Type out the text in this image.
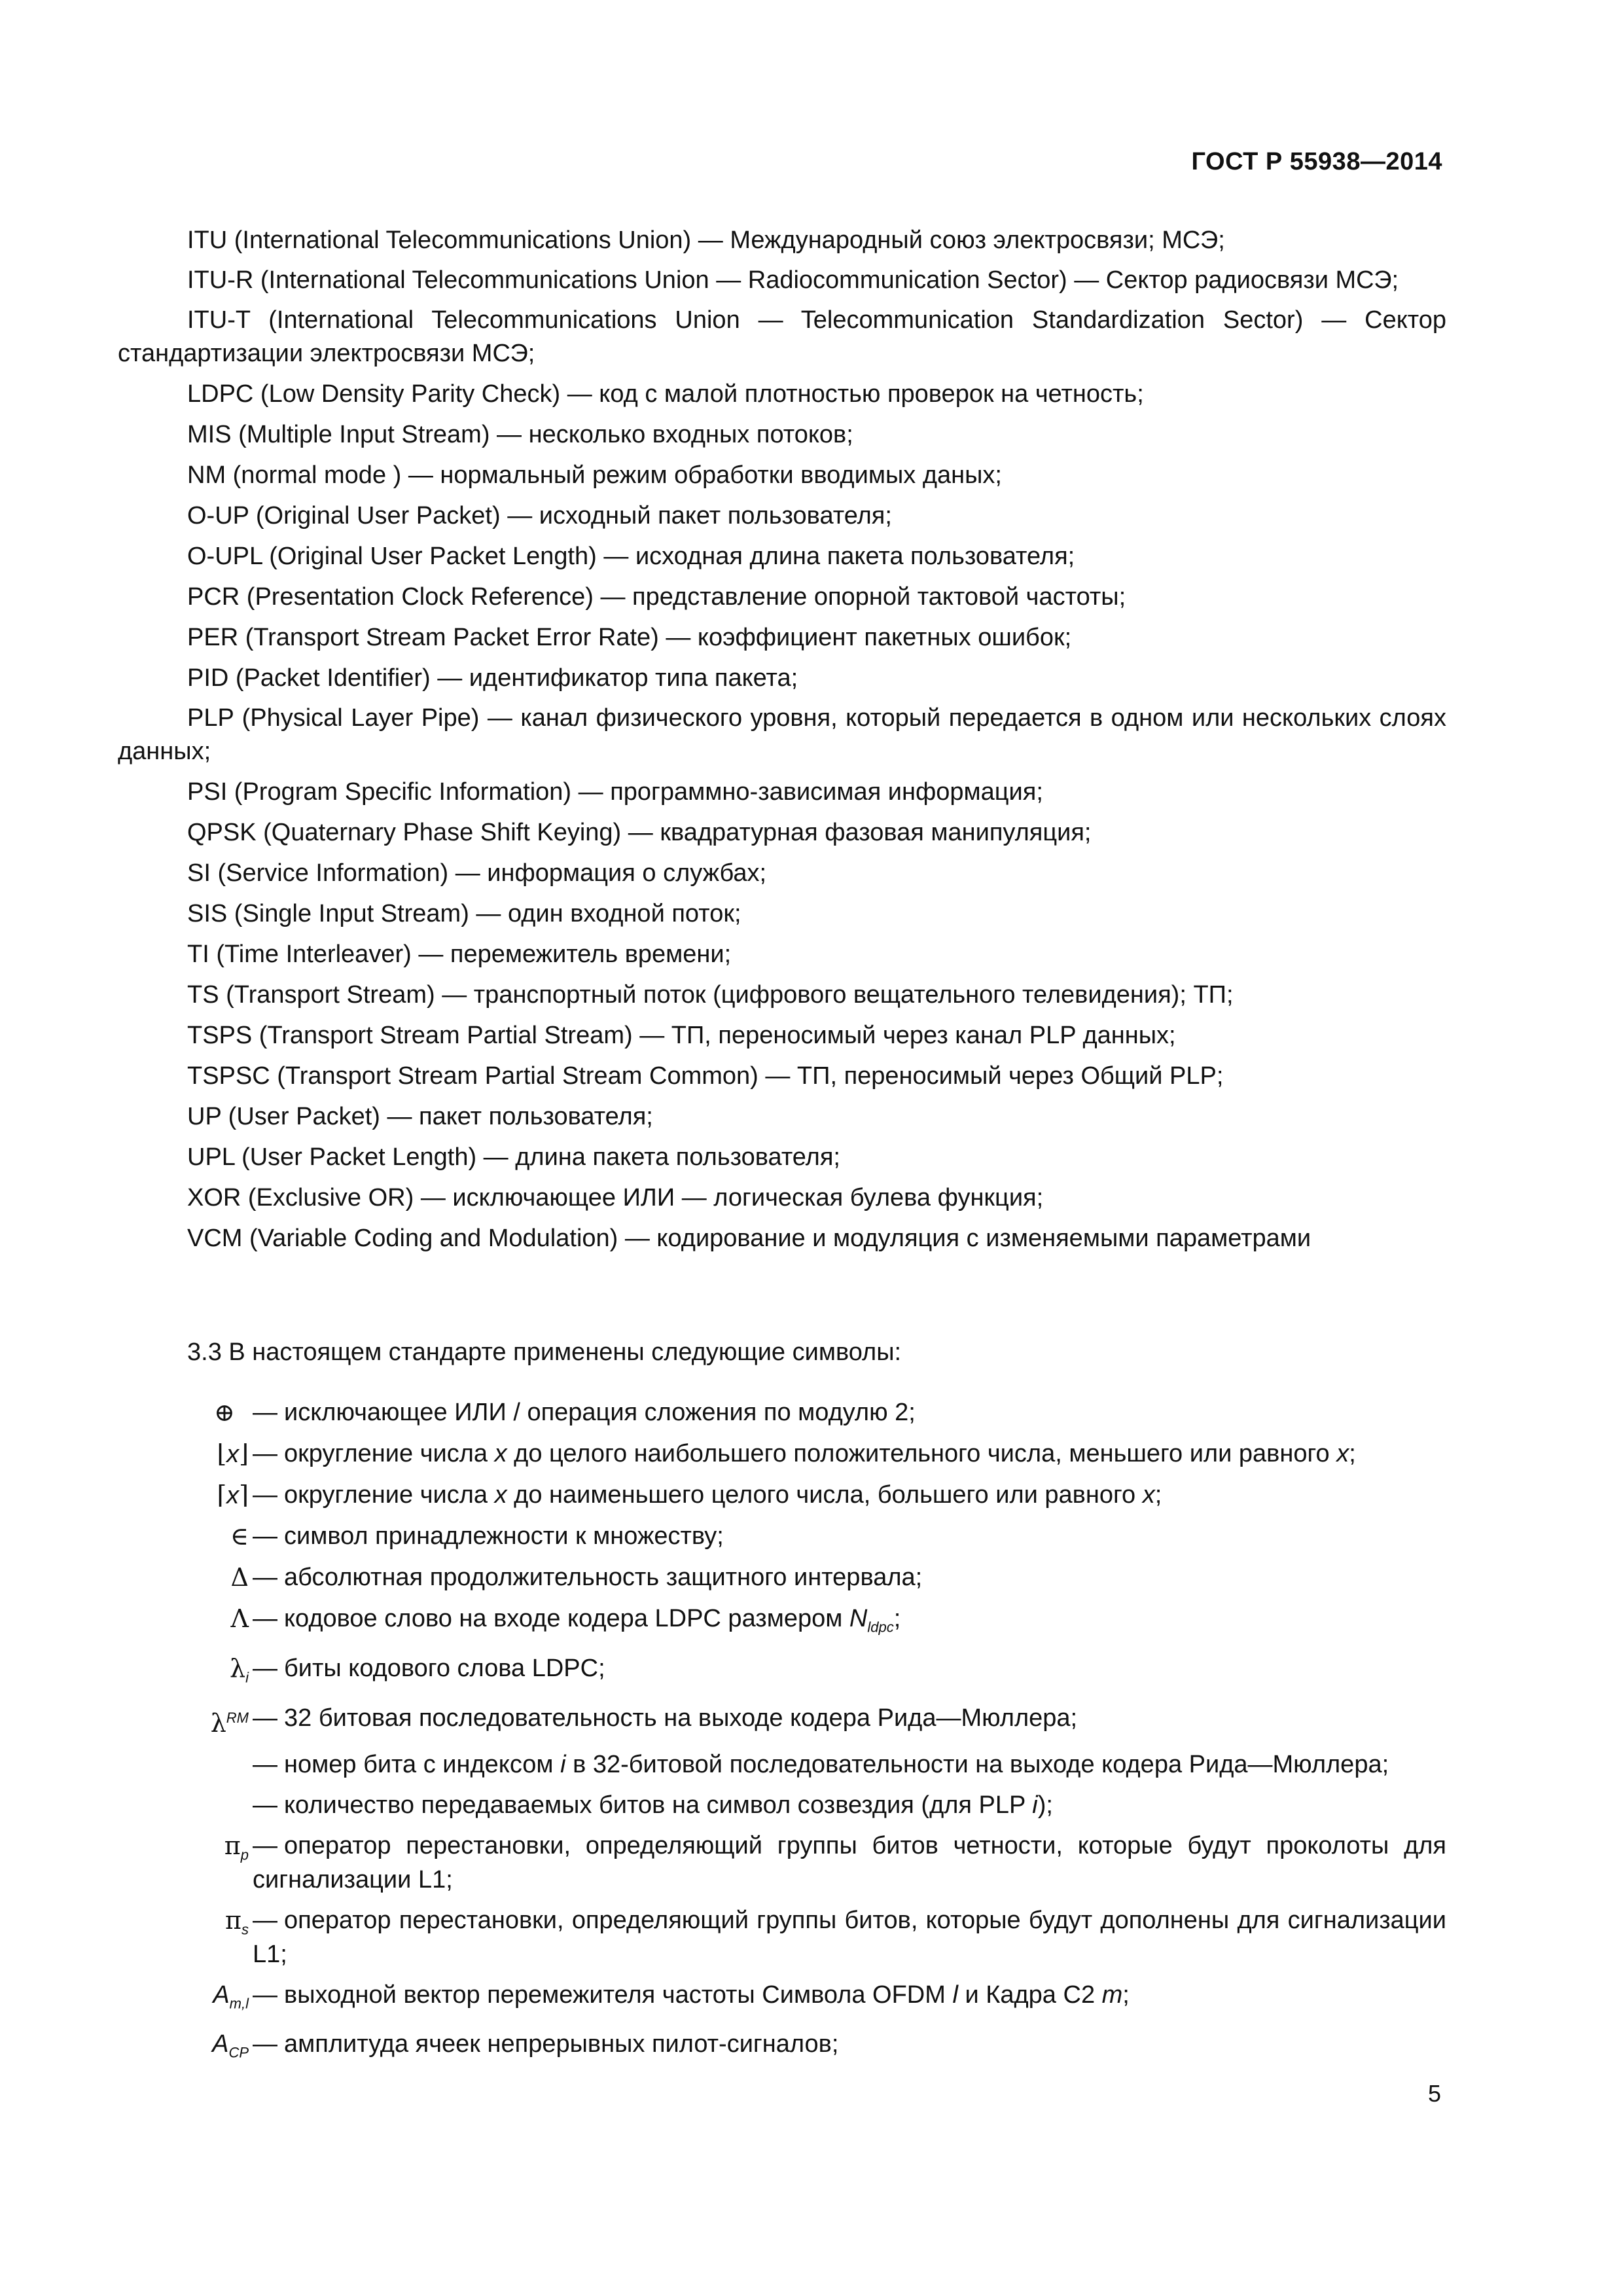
ГОСТ Р 55938—2014

ITU (International Telecommunications Union) — Международный союз электросвязи; МСЭ;

ITU-R (International Telecommunications Union — Radiocommunication Sector) — Сектор радиосвязи МСЭ;

ITU-T (International Telecommunications Union — Telecommunication Standardization Sector) — Сектор стандартизации электросвязи МСЭ;

LDPC (Low Density Parity Check) — код с малой плотностью проверок на четность;

MIS (Multiple Input Stream) — несколько входных потоков;

NM (normal mode ) — нормальный режим обработки вводимых даных;

O-UP (Original User Packet) — исходный пакет пользователя;

O-UPL (Original User Packet Length) — исходная длина пакета пользователя;

PCR (Presentation Clock Reference) — представление опорной тактовой частоты;

PER (Transport Stream Packet Error Rate) — коэффициент пакетных ошибок;

PID (Packet Identifier) — идентификатор типа пакета;

PLP (Physical Layer Pipe) — канал физического уровня, который передается в одном или нескольких слоях данных;

PSI (Program Specific Information) — программно-зависимая информация;

QPSK (Quaternary Phase Shift Keying) — квадратурная фазовая манипуляция;

SI (Service Information) — информация о службах;

SIS (Single Input Stream) — один входной поток;

TI (Time Interleaver) — перемежитель времени;

TS (Transport Stream) — транспортный поток (цифрового вещательного телевидения); ТП;

TSPS (Transport Stream Partial Stream) — ТП, переносимый через канал PLP данных;

TSPSC (Transport Stream Partial Stream Common) — ТП, переносимый через Общий PLP;

UP (User Packet) — пакет пользователя;

UPL (User Packet Length) — длина пакета пользователя;

XOR (Exclusive OR) — исключающее ИЛИ — логическая булева функция;

VCM (Variable Coding and Modulation) — кодирование и модуляция с изменяемыми параметрами

3.3 В настоящем стандарте применены следующие символы:

⊕ — исключающее ИЛИ / операция сложения по модулю 2;
⌊x⌋ — округление числа x до целого наибольшего положительного числа, меньшего или равного x;
⌈x⌉ — округление числа x до наименьшего целого числа, большего или равного x;
∈ — символ принадлежности к множеству;
Δ — абсолютная продолжительность защитного интервала;
Λ — кодовое слово на входе кодера LDPC размером $N_{ldpc}$;
$\lambda_i$ — биты кодового слова LDPC;
$\lambda^{RM}$ — 32 битовая последовательность на выходе кодера Рида—Мюллера;
— номер бита с индексом i в 32-битовой последовательности на выходе кодера Рида—Мюллера;
— количество передаваемых битов на символ созвездия (для PLP i);
$\pi_p$ — оператор перестановки, определяющий группы битов четности, которые будут проколоты для сигнализации L1;
$\pi_s$ — оператор перестановки, определяющий группы битов, которые будут дополнены для сигнализации L1;
$A_{m,l}$ — выходной вектор перемежителя частоты Символа OFDM l и Кадра C2 m;
$A_{CP}$ — амплитуда ячеек непрерывных пилот-сигналов;
5
